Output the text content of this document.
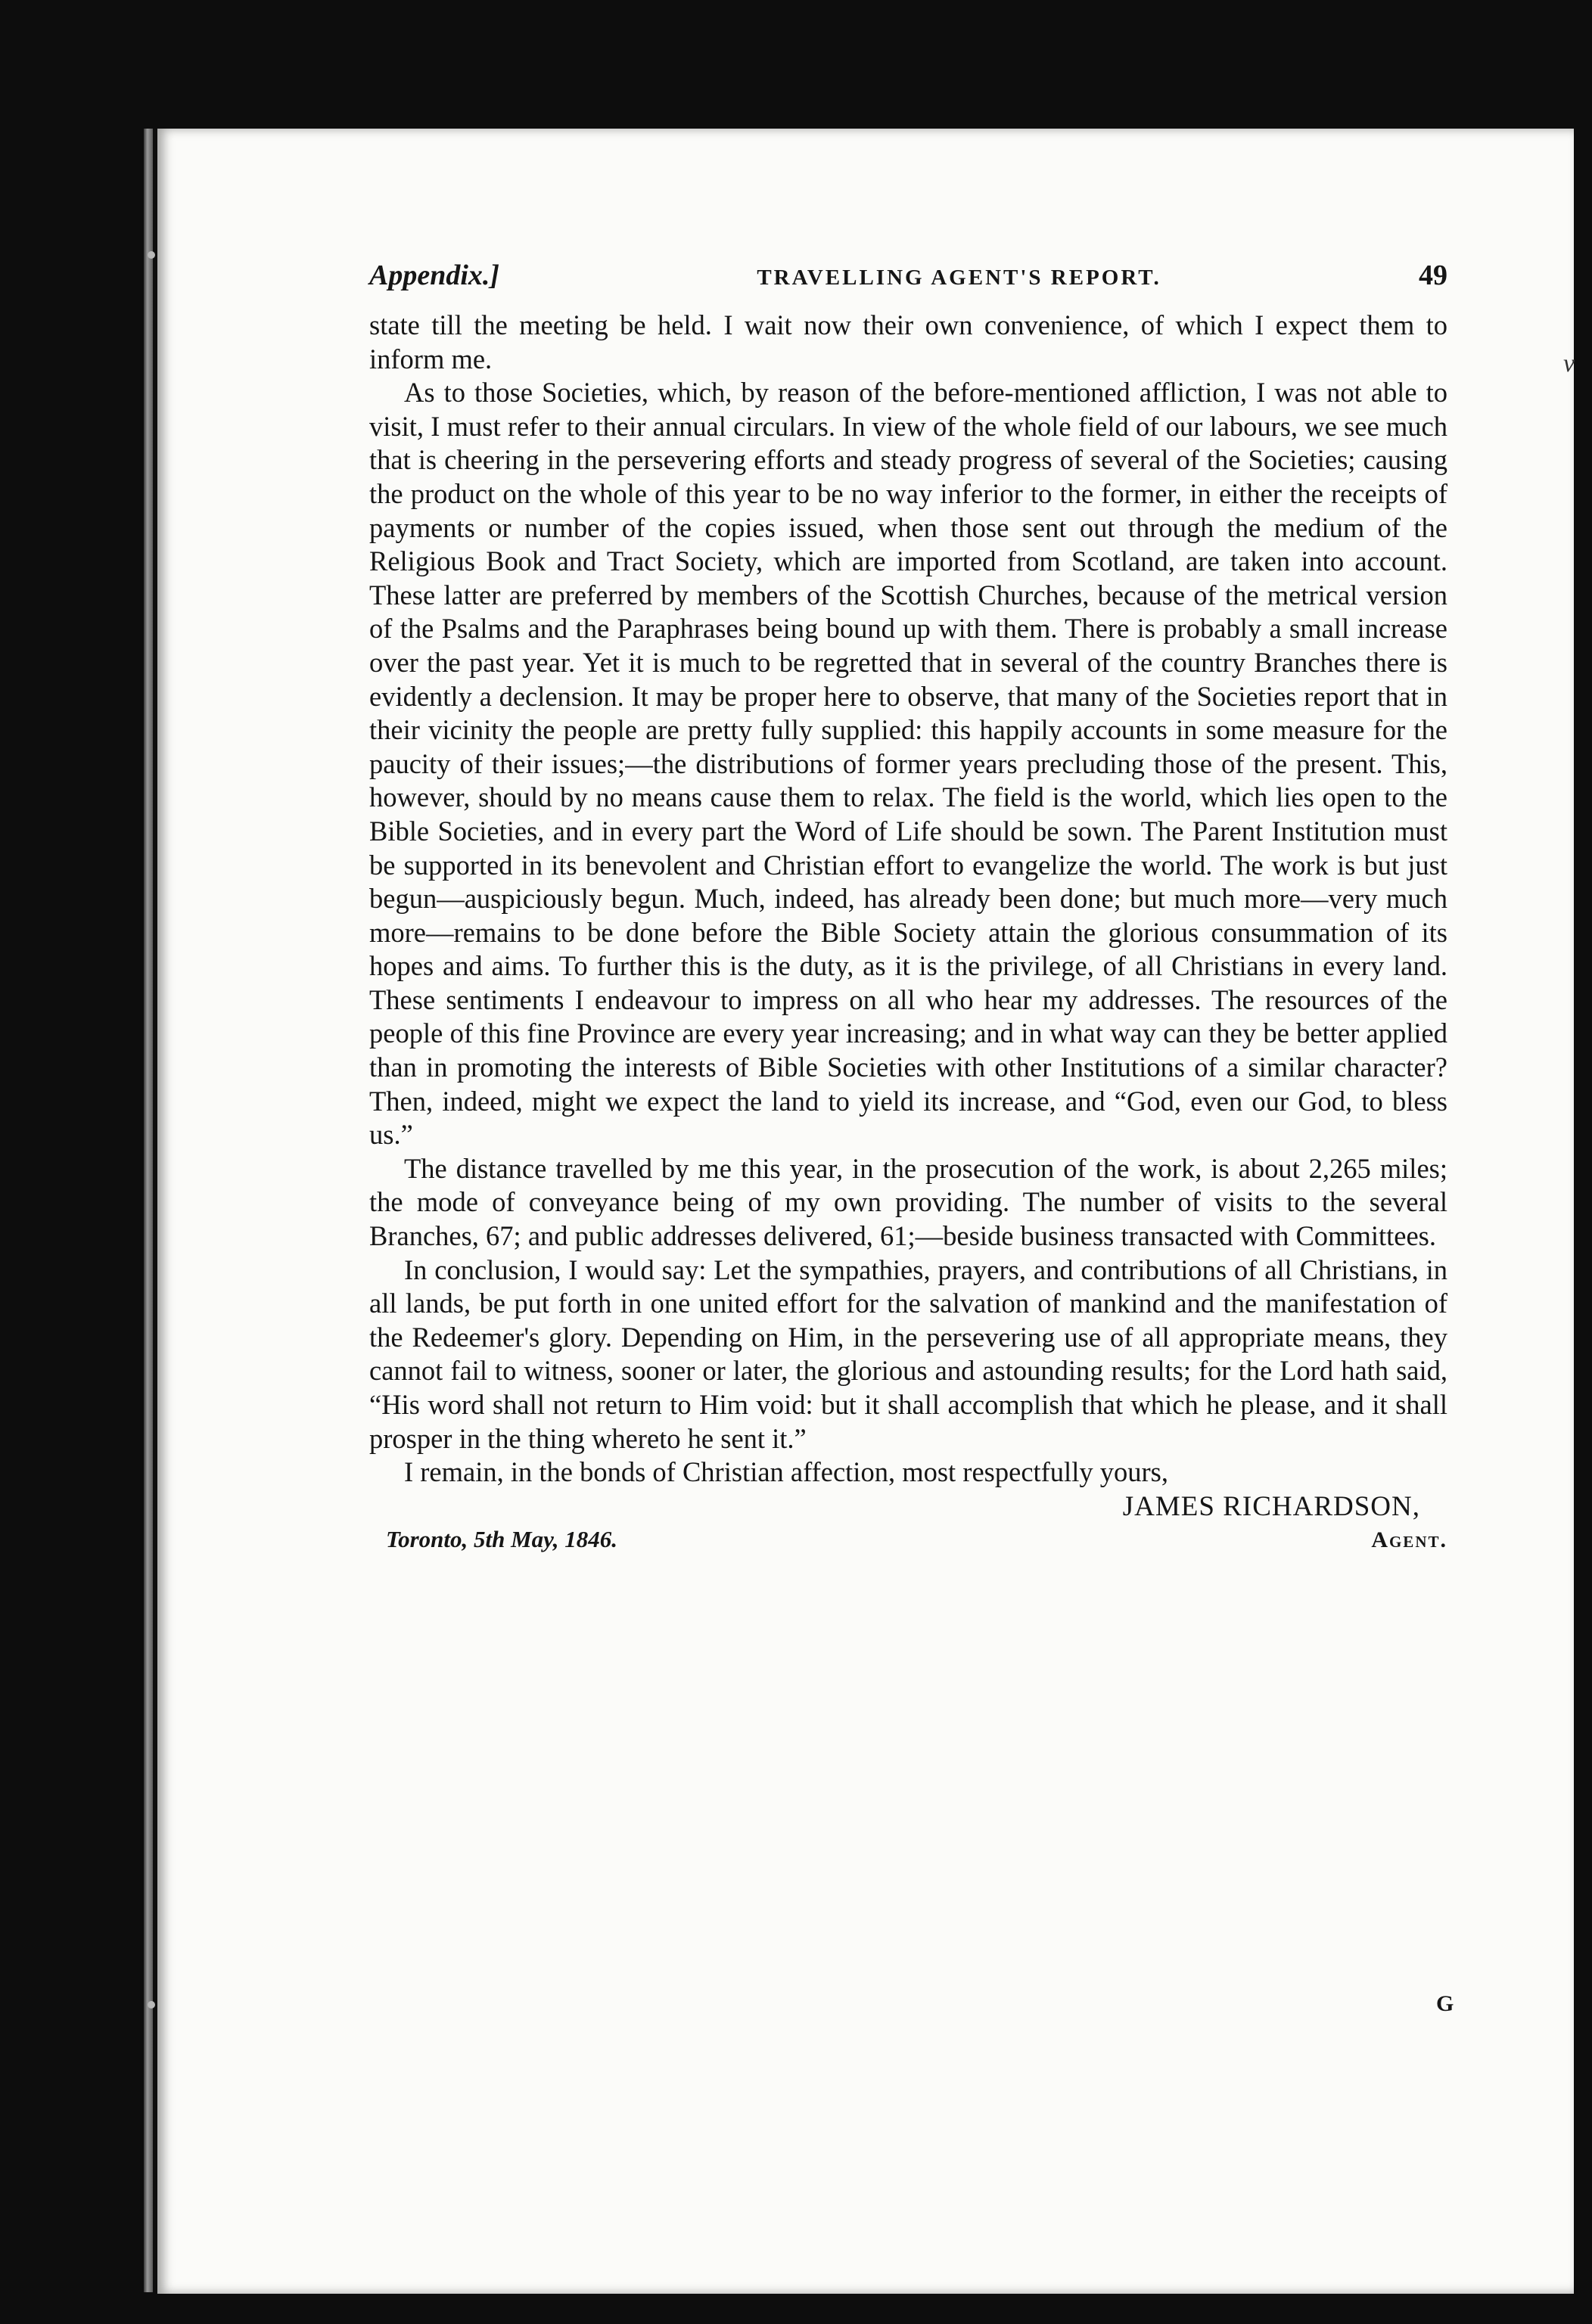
v
Appendix.]	TRAVELLING AGENT'S REPORT.	49

state till the meeting be held. I wait now their own convenience, of which I expect them to inform me.

As to those Societies, which, by reason of the before-mentioned affliction, I was not able to visit, I must refer to their annual circulars. In view of the whole field of our labours, we see much that is cheering in the persevering efforts and steady progress of several of the Societies; causing the product on the whole of this year to be no way inferior to the former, in either the receipts of payments or number of the copies issued, when those sent out through the medium of the Religious Book and Tract Society, which are imported from Scotland, are taken into account. These latter are preferred by members of the Scottish Churches, because of the metrical version of the Psalms and the Paraphrases being bound up with them. There is probably a small increase over the past year. Yet it is much to be regretted that in several of the country Branches there is evidently a declension. It may be proper here to observe, that many of the Societies report that in their vicinity the people are pretty fully supplied: this happily accounts in some measure for the paucity of their issues;—the distributions of former years precluding those of the present. This, however, should by no means cause them to relax. The field is the world, which lies open to the Bible Societies, and in every part the Word of Life should be sown. The Parent Institution must be supported in its benevolent and Christian effort to evangelize the world. The work is but just begun—auspiciously begun. Much, indeed, has already been done; but much more—very much more—remains to be done before the Bible Society attain the glorious consummation of its hopes and aims. To further this is the duty, as it is the privilege, of all Christians in every land. These sentiments I endeavour to impress on all who hear my addresses. The resources of the people of this fine Province are every year increasing; and in what way can they be better applied than in promoting the interests of Bible Societies with other Institutions of a similar character? Then, indeed, might we expect the land to yield its increase, and “God, even our God, to bless us.”

The distance travelled by me this year, in the prosecution of the work, is about 2,265 miles; the mode of conveyance being of my own providing. The number of visits to the several Branches, 67; and public addresses delivered, 61;—beside business transacted with Committees.

In conclusion, I would say: Let the sympathies, prayers, and contributions of all Christians, in all lands, be put forth in one united effort for the salvation of mankind and the manifestation of the Redeemer's glory. Depending on Him, in the persevering use of all appropriate means, they cannot fail to witness, sooner or later, the glorious and astounding results; for the Lord hath said, “His word shall not return to Him void: but it shall accomplish that which he please, and it shall prosper in the thing whereto he sent it.”

I remain, in the bonds of Christian affection, most respectfully yours,

JAMES RICHARDSON,
Toronto, 5th May, 1846.	Agent.
G
